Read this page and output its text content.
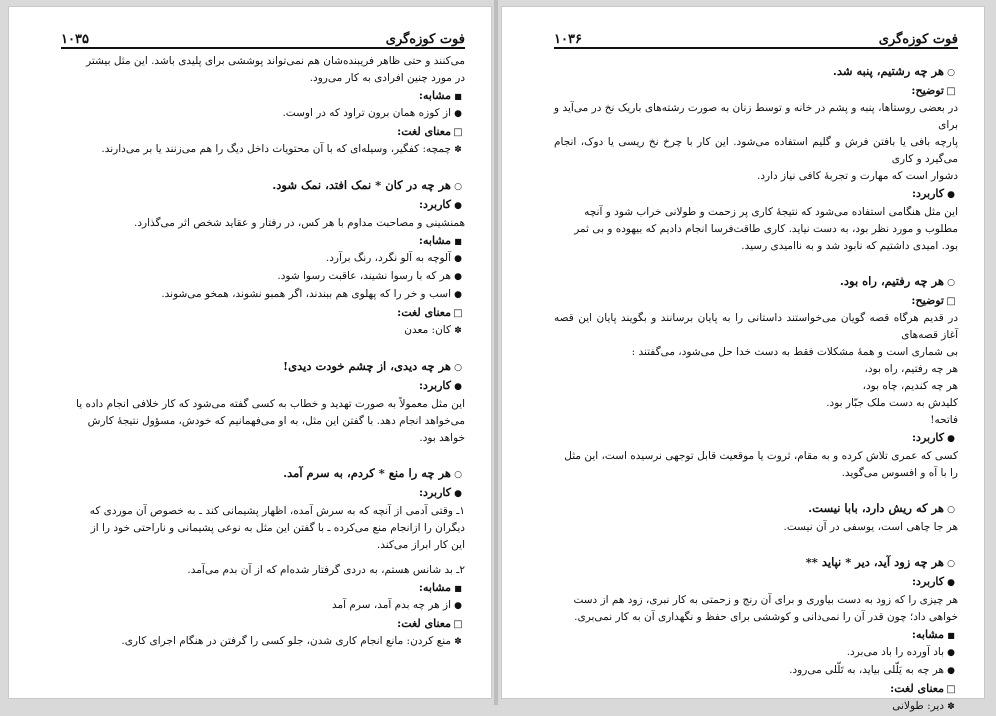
فوت کوزه‌گری
۱۰۳۵
می‌کنند و حتی ظاهر فریبنده‌شان هم نمی‌تواند پوششی برای پلیدی باشد. این مثل بیشتر
در مورد چنین افرادی به کار می‌رود.
■مشابه:
●از کوزه همان برون تراود که در اوست.
□معنای لغت:
✽چمچه: کفگیر، وسیله‌ای که با آن محتویات داخل دیگ را هم می‌زنند یا بر می‌دارند.
○هر چه در کان * نمک افتد، نمک شود.
●کاربرد:
همنشینی و مصاحبت مداوم با هر کس، در رفتار و عقاید شخص اثر می‌گذارد.
■مشابه:
●آلوچه به آلو نگرد، رنگ برآرد.
●هر که با رسوا نشیند، عاقبت رسوا شود.
●اسب و خر را که پهلوی هم ببندند، اگر همبو نشوند، همخو می‌شوند.
□معنای لغت:
✽کان: معدن
○هر چه دیدی، از چشم خودت دیدی!
●کاربرد:
این مثل معمولاً به صورت تهدید و خطاب به کسی گفته می‌شود که کار خلافی انجام داده یا
می‌خواهد انجام دهد. با گفتن این مثل، به او می‌فهمانیم که خودش، مسؤول نتیجهٔ کارش
خواهد بود.
○هر چه را منع * کردم، به سرم آمد.
●کاربرد:
۱ـ وقتی آدمی از آنچه که به سرش آمده، اظهار پشیمانی کند ـ به خصوص آن موردی که
دیگران را ازانجام منع می‌کرده ـ با گفتن این مثل به نوعی پشیمانی و ناراحتی خود را از
این کار ابراز می‌کند.
۲ـ بد شانس هستم، به دردی گرفتار شده‌ام که از آن بدم می‌آمد.
■مشابه:
●از هر چه بدم آمد، سرم آمد
□معنای لغت:
✽منع کردن: مانع انجام کاری شدن، جلو کسی را گرفتن در هنگام اجرای کاری.
فوت کوزه‌گری
۱۰۳۶
○هر چه رشتیم، پنبه شد.
□توضیح:
در بعضی روستاها، پنبه و پشم در خانه و توسط زنان به صورت رشته‌های باریک نخ در می‌آید و برای
پارچه بافی یا بافتن فرش و گلیم استفاده می‌شود. این کار با چرخ نخ ریسی یا دوک، انجام می‌گیرد و کاری
دشوار است که مهارت و تجربهٔ کافی نیاز دارد.
●کاربرد:
این مثل هنگامی استفاده می‌شود که نتیجهٔ کاری پر زحمت و طولانی خراب شود و آنچه
مطلوب و مورد نظر بود، به دست نیاید. کاری طاقت‌فرسا انجام دادیم که بیهوده و بی ثمر
بود. امیدی داشتیم که نابود شد و به ناامیدی رسید.
○هر چه رفتیم، راه بود.
□توضیح:
در قدیم هرگاه قصه گویان می‌خواستند داستانی را به پایان برسانند و بگویند پایان این قصه آغاز قصه‌های
بی شماری است و همهٔ مشکلات فقط به دست خدا حل می‌شود، می‌گفتند :
هر چه رفتیم، راه بود،
هر چه کندیم، چاه بود،
کلیدش به دست ملک جبّار بود.
فاتحه!
●کاربرد:
کسی که عمری تلاش کرده و به مقام، ثروت یا موقعیت قابل توجهی نرسیده است، این مثل
را با آه و افسوس می‌گوید.
○هر که ریش دارد، بابا نیست.
هر جا چاهی است، یوسفی در آن نیست.
○هر چه زود آید، دیر * نپاید **
●کاربرد:
هر چیزی را که زود به دست بیاوری و برای آن رنج و زحمتی به کار نبری، زود هم از دست
خواهی داد؛ چون قدر آن را نمی‌دانی و کوششی برای حفظ و نگهداری آن به کار نمی‌بری.
■مشابه:
●باد آورده را باد می‌برد.
●هر چه به یَلّلی بیاید، به تَلّلی می‌رود.
□معنای لغت:
✽دیر: طولانی
